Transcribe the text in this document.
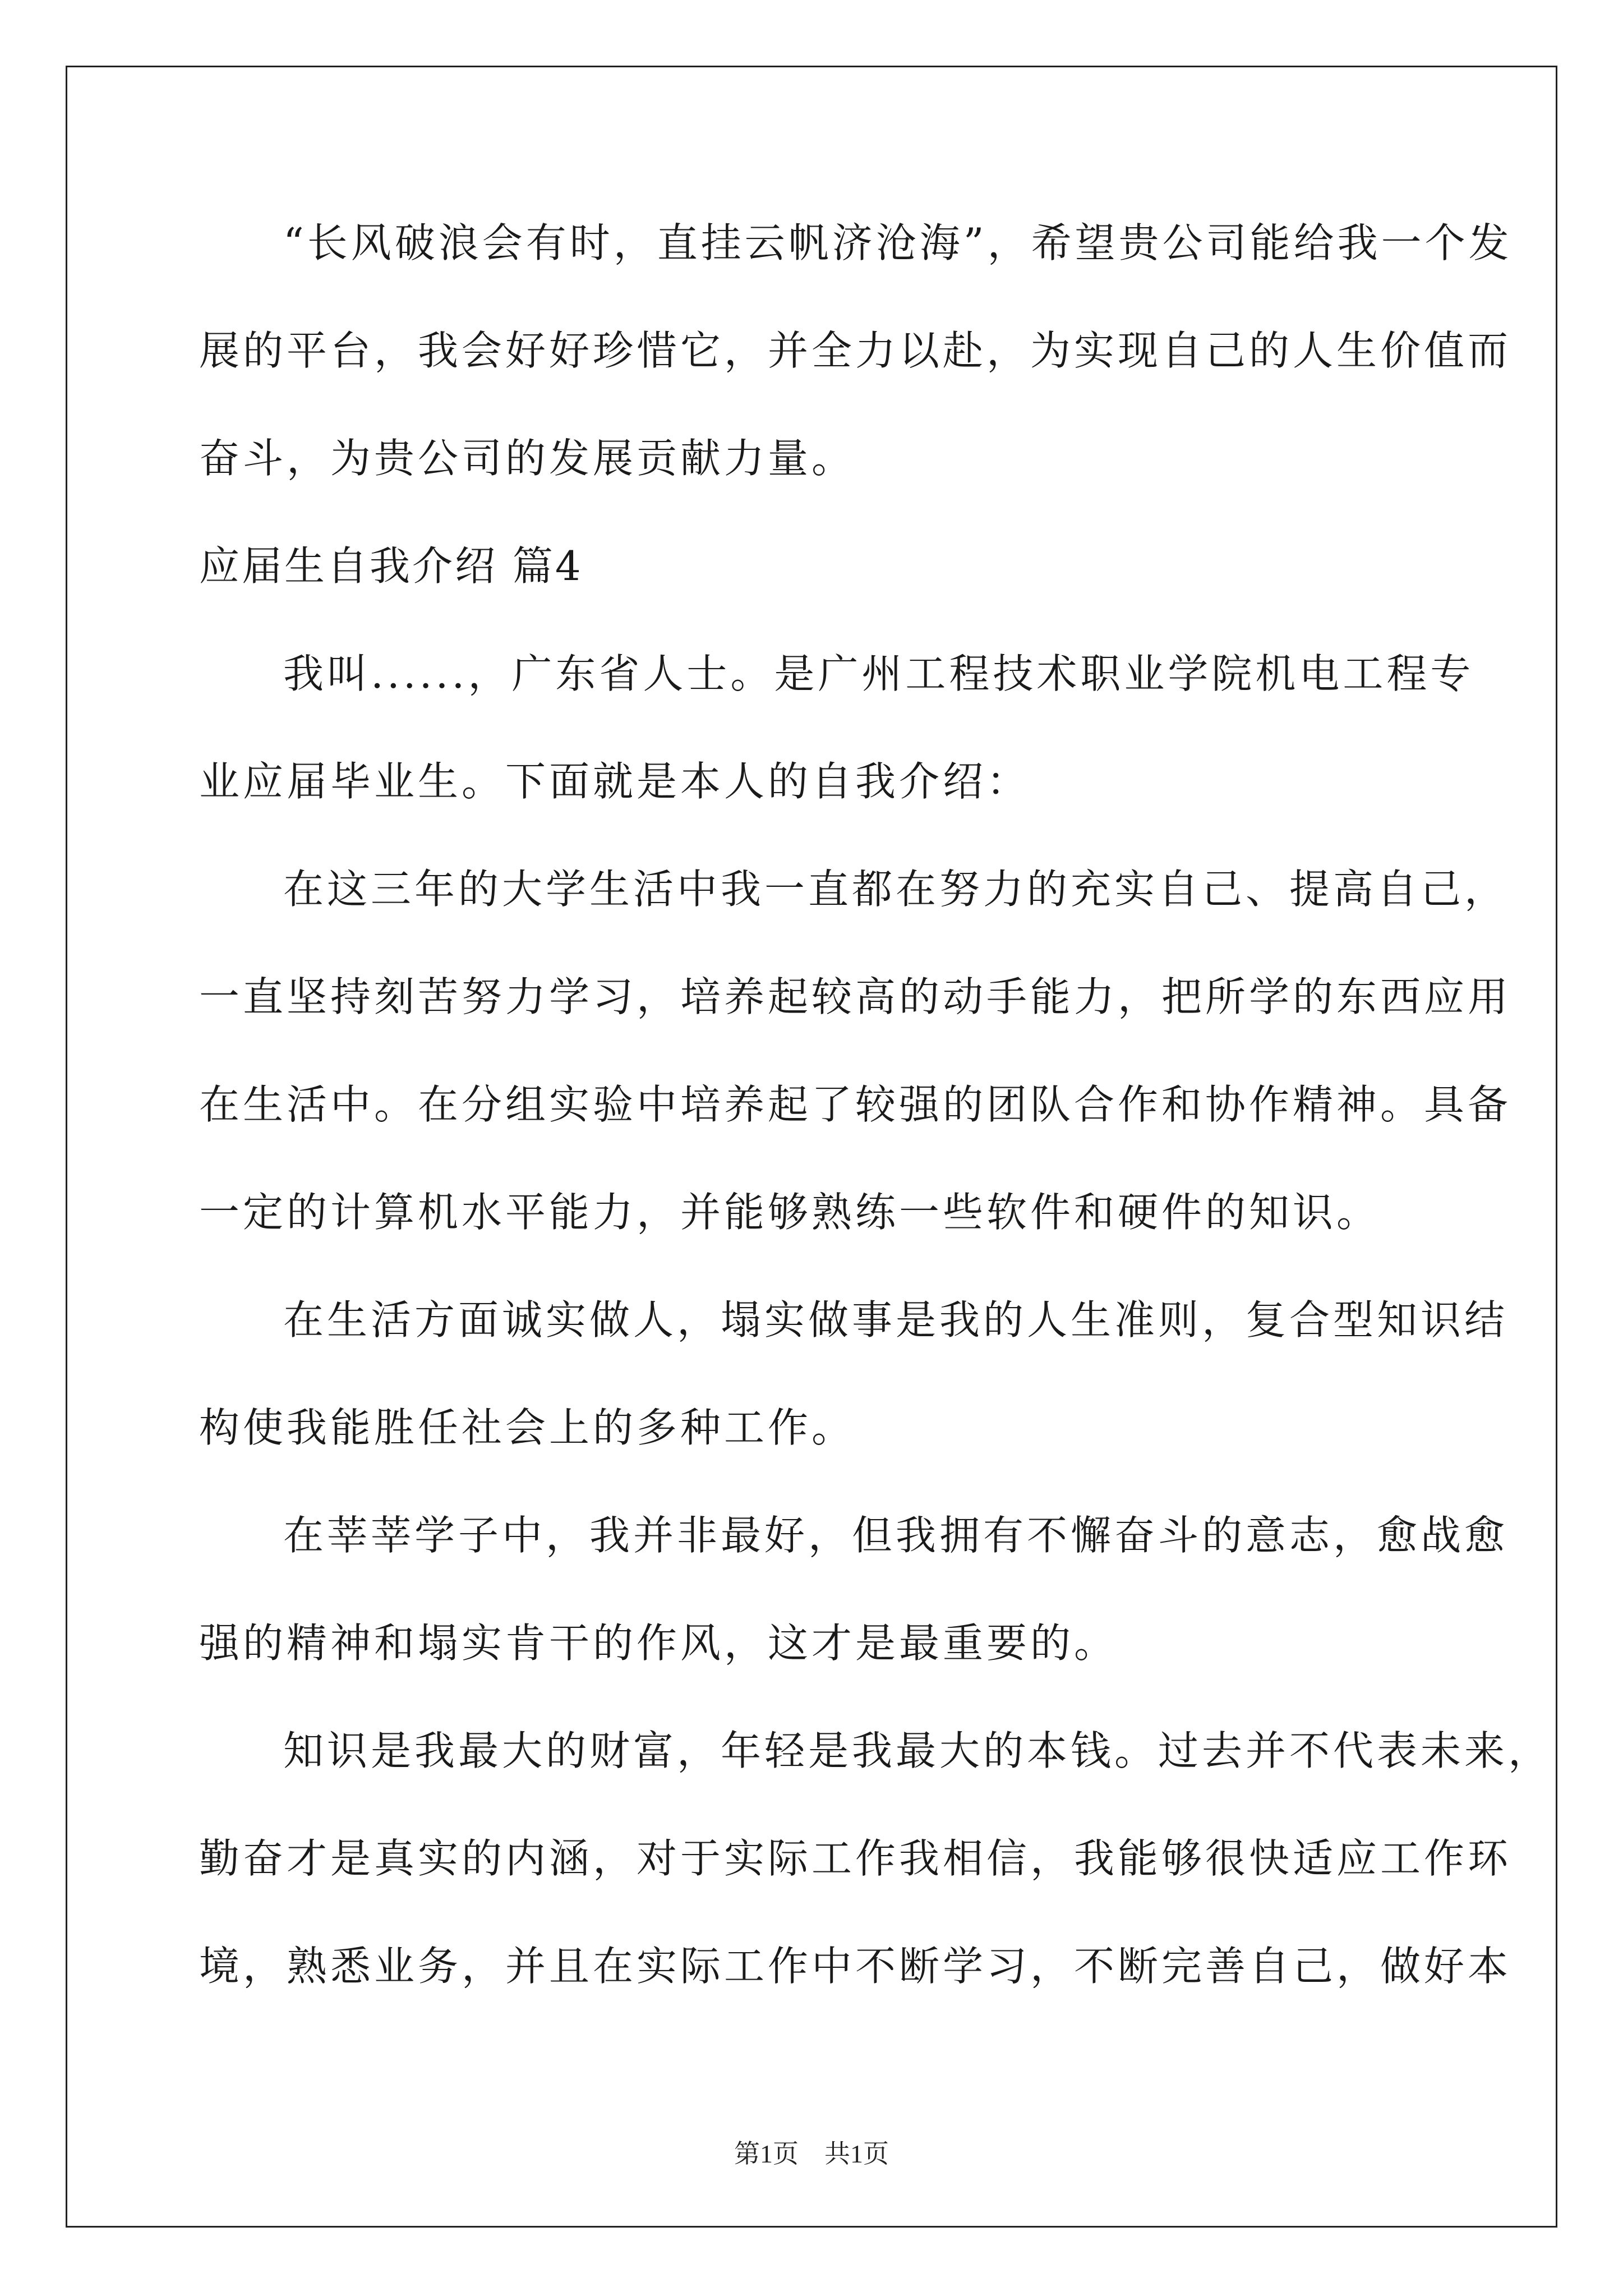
“长风破浪会有时，直挂云帆济沧海”，希望贵公司能给我一个发

展的平台，我会好好珍惜它，并全力以赴，为实现自己的人生价值而

奋斗，为贵公司的发展贡献力量。

应届生自我介绍 篇4

我叫......，广东省人士。是广州工程技术职业学院机电工程专

业应届毕业生。下面就是本人的自我介绍：

在这三年的大学生活中我一直都在努力的充实自己、提高自己，

一直坚持刻苦努力学习，培养起较高的动手能力，把所学的东西应用

在生活中。在分组实验中培养起了较强的团队合作和协作精神。具备

一定的计算机水平能力，并能够熟练一些软件和硬件的知识。

在生活方面诚实做人，塌实做事是我的人生准则，复合型知识结

构使我能胜任社会上的多种工作。

在莘莘学子中，我并非最好，但我拥有不懈奋斗的意志，愈战愈

强的精神和塌实肯干的作风，这才是最重要的。

知识是我最大的财富，年轻是我最大的本钱。过去并不代表未来，

勤奋才是真实的内涵，对于实际工作我相信，我能够很快适应工作环

境，熟悉业务，并且在实际工作中不断学习，不断完善自己，做好本

第1页　共1页
